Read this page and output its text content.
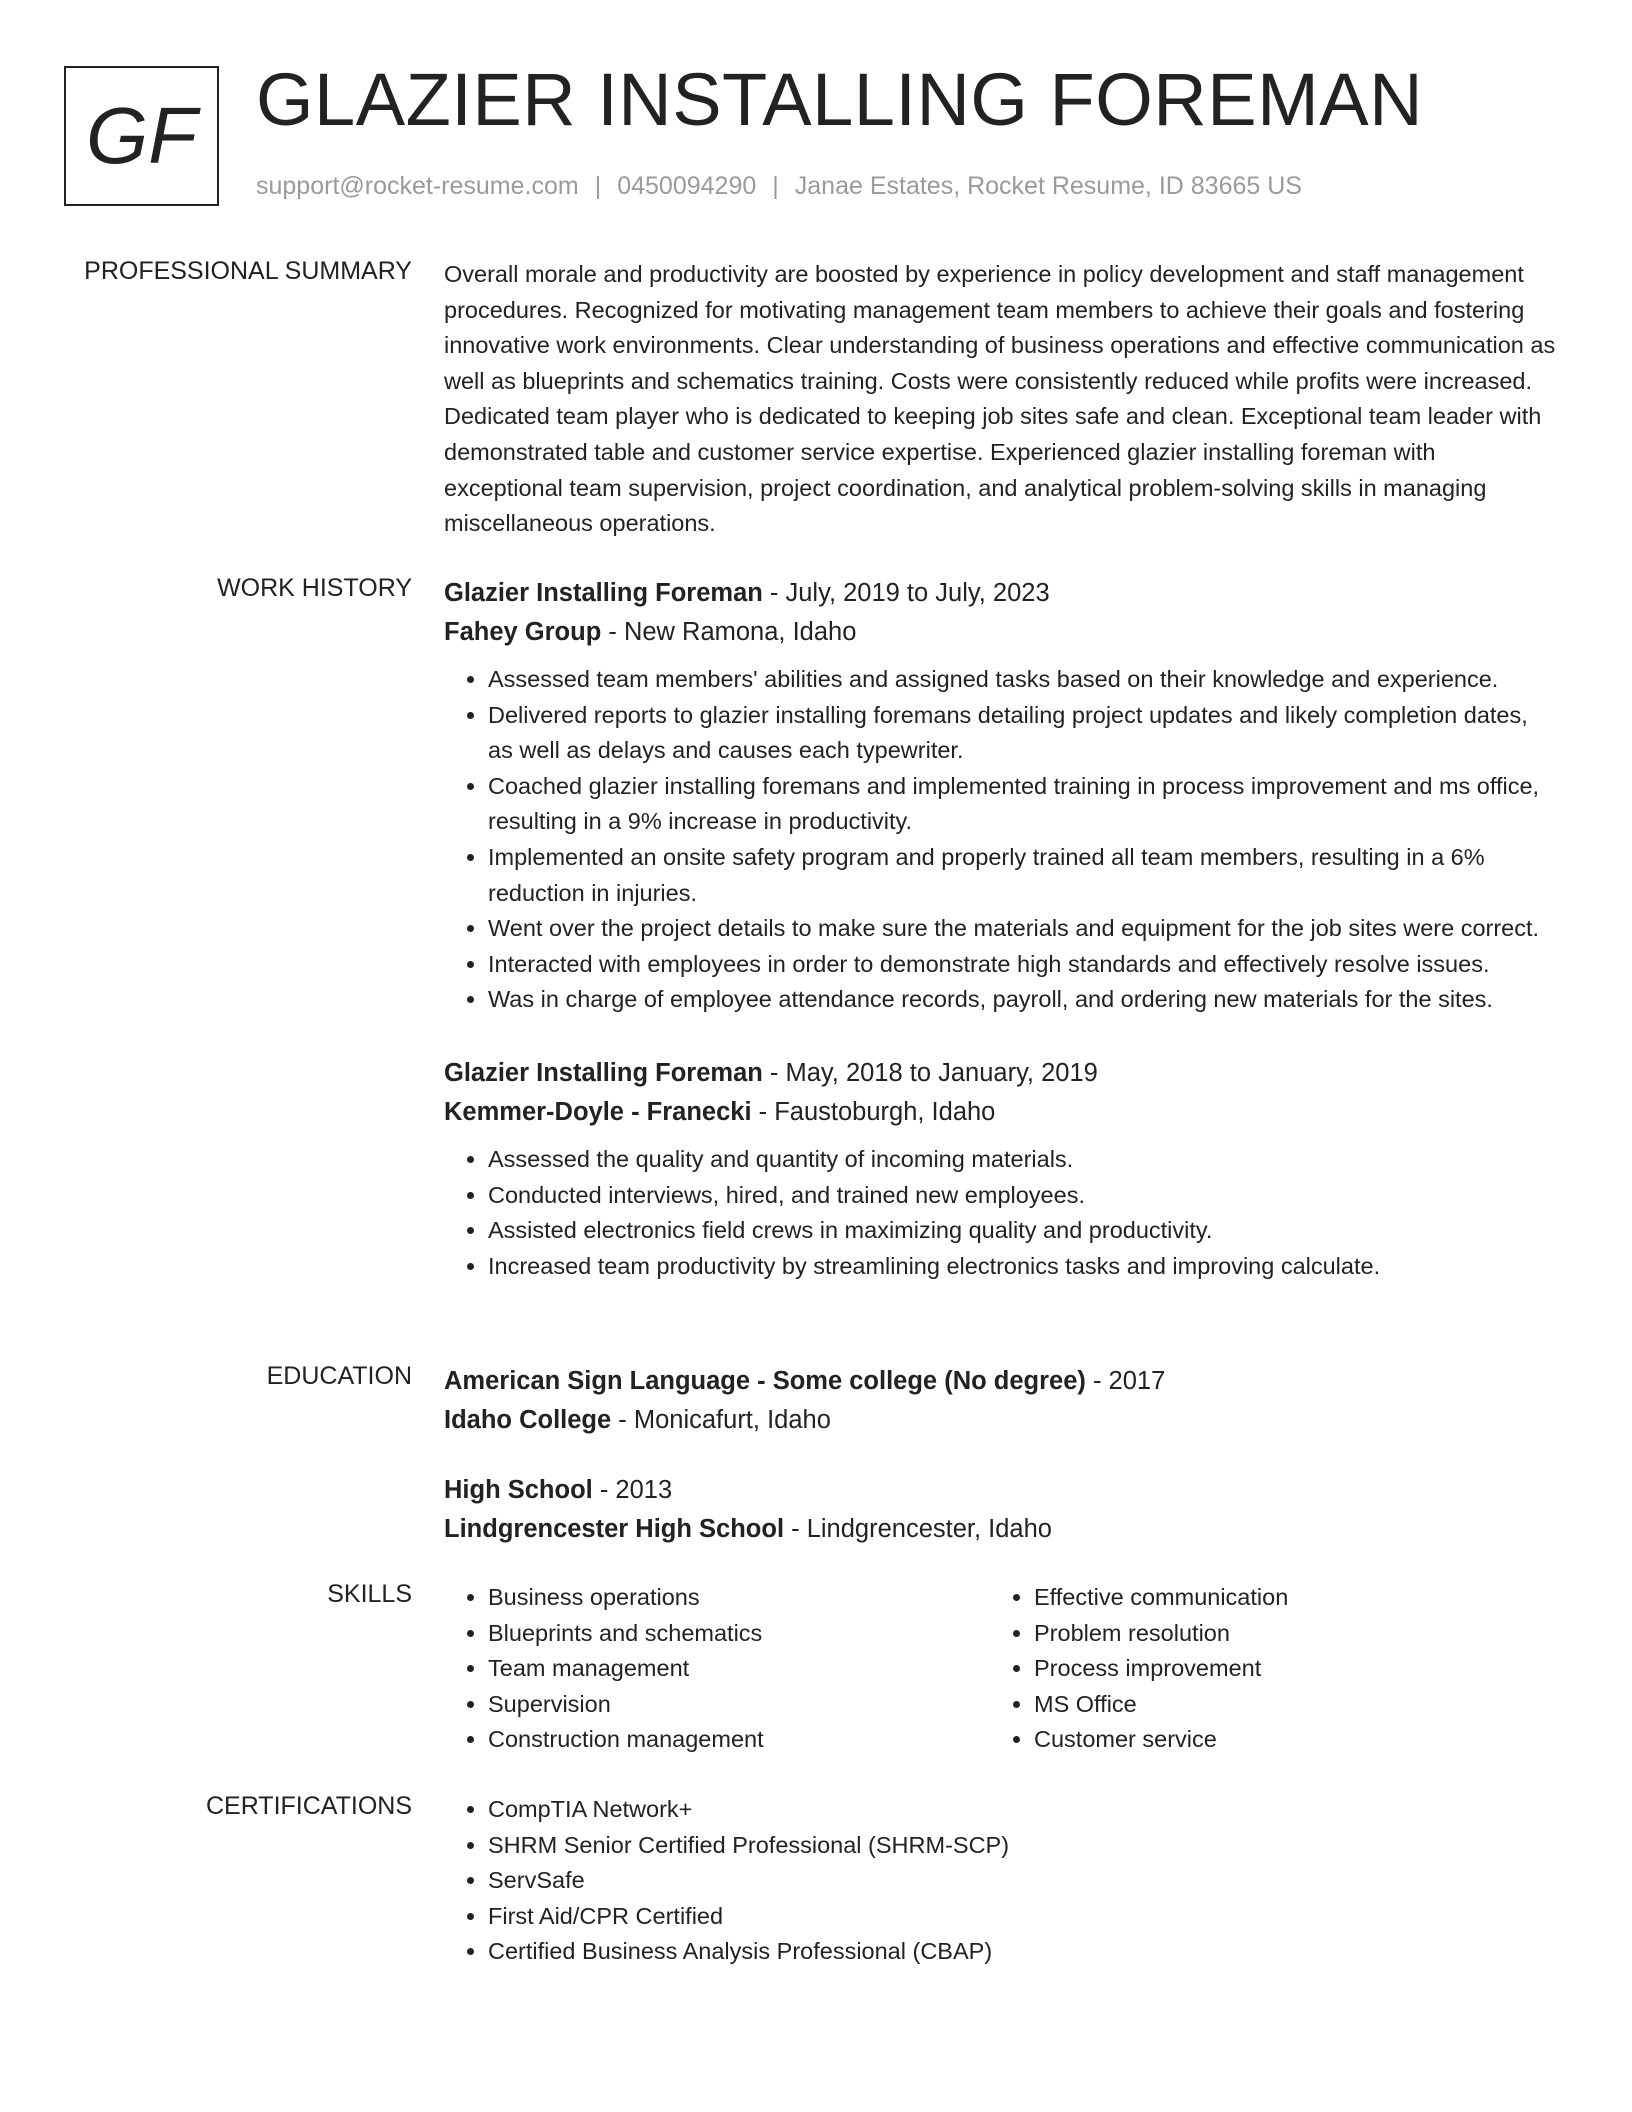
GF GLAZIER INSTALLING FOREMAN
support@rocket-resume.com | 0450094290 | Janae Estates, Rocket Resume, ID 83665 US
PROFESSIONAL SUMMARY Overall morale and productivity are boosted by experience in policy development and staff management procedures. Recognized for motivating management team members to achieve their goals and fostering innovative work environments. Clear understanding of business operations and effective communication as well as blueprints and schematics training. Costs were consistently reduced while profits were increased. Dedicated team player who is dedicated to keeping job sites safe and clean. Exceptional team leader with demonstrated table and customer service expertise. Experienced glazier installing foreman with exceptional team supervision, project coordination, and analytical problem-solving skills in managing miscellaneous operations.

WORK HISTORY Glazier Installing Foreman - July, 2019 to July, 2023
Fahey Group - New Ramona, Idaho
• Assessed team members' abilities and assigned tasks based on their knowledge and experience.
• Delivered reports to glazier installing foremans detailing project updates and likely completion dates, as well as delays and causes each typewriter.
• Coached glazier installing foremans and implemented training in process improvement and ms office, resulting in a 9% increase in productivity.
• Implemented an onsite safety program and properly trained all team members, resulting in a 6% reduction in injuries.
• Went over the project details to make sure the materials and equipment for the job sites were correct.
• Interacted with employees in order to demonstrate high standards and effectively resolve issues.
• Was in charge of employee attendance records, payroll, and ordering new materials for the sites.
Glazier Installing Foreman - May, 2018 to January, 2019
Kemmer-Doyle - Franecki - Faustoburgh, Idaho
• Assessed the quality and quantity of incoming materials.
• Conducted interviews, hired, and trained new employees.
• Assisted electronics field crews in maximizing quality and productivity.
• Increased team productivity by streamlining electronics tasks and improving calculate.
EDUCATION American Sign Language - Some college (No degree) - 2017
Idaho College - Monicafurt, Idaho
High School - 2013
Lindgrencester High School - Lindgrencester, Idaho
SKILLS	• Business operations
• Blueprints and schematics
• Team management
• Supervision
• Construction management
• Effective communication
• Problem resolution
• Process improvement
• MS Office
• Customer service
CERTIFICATIONS	• CompTIA Network+
• SHRM Senior Certified Professional (SHRM-SCP)
• ServSafe
• First Aid/CPR Certified
• Certified Business Analysis Professional (CBAP)
